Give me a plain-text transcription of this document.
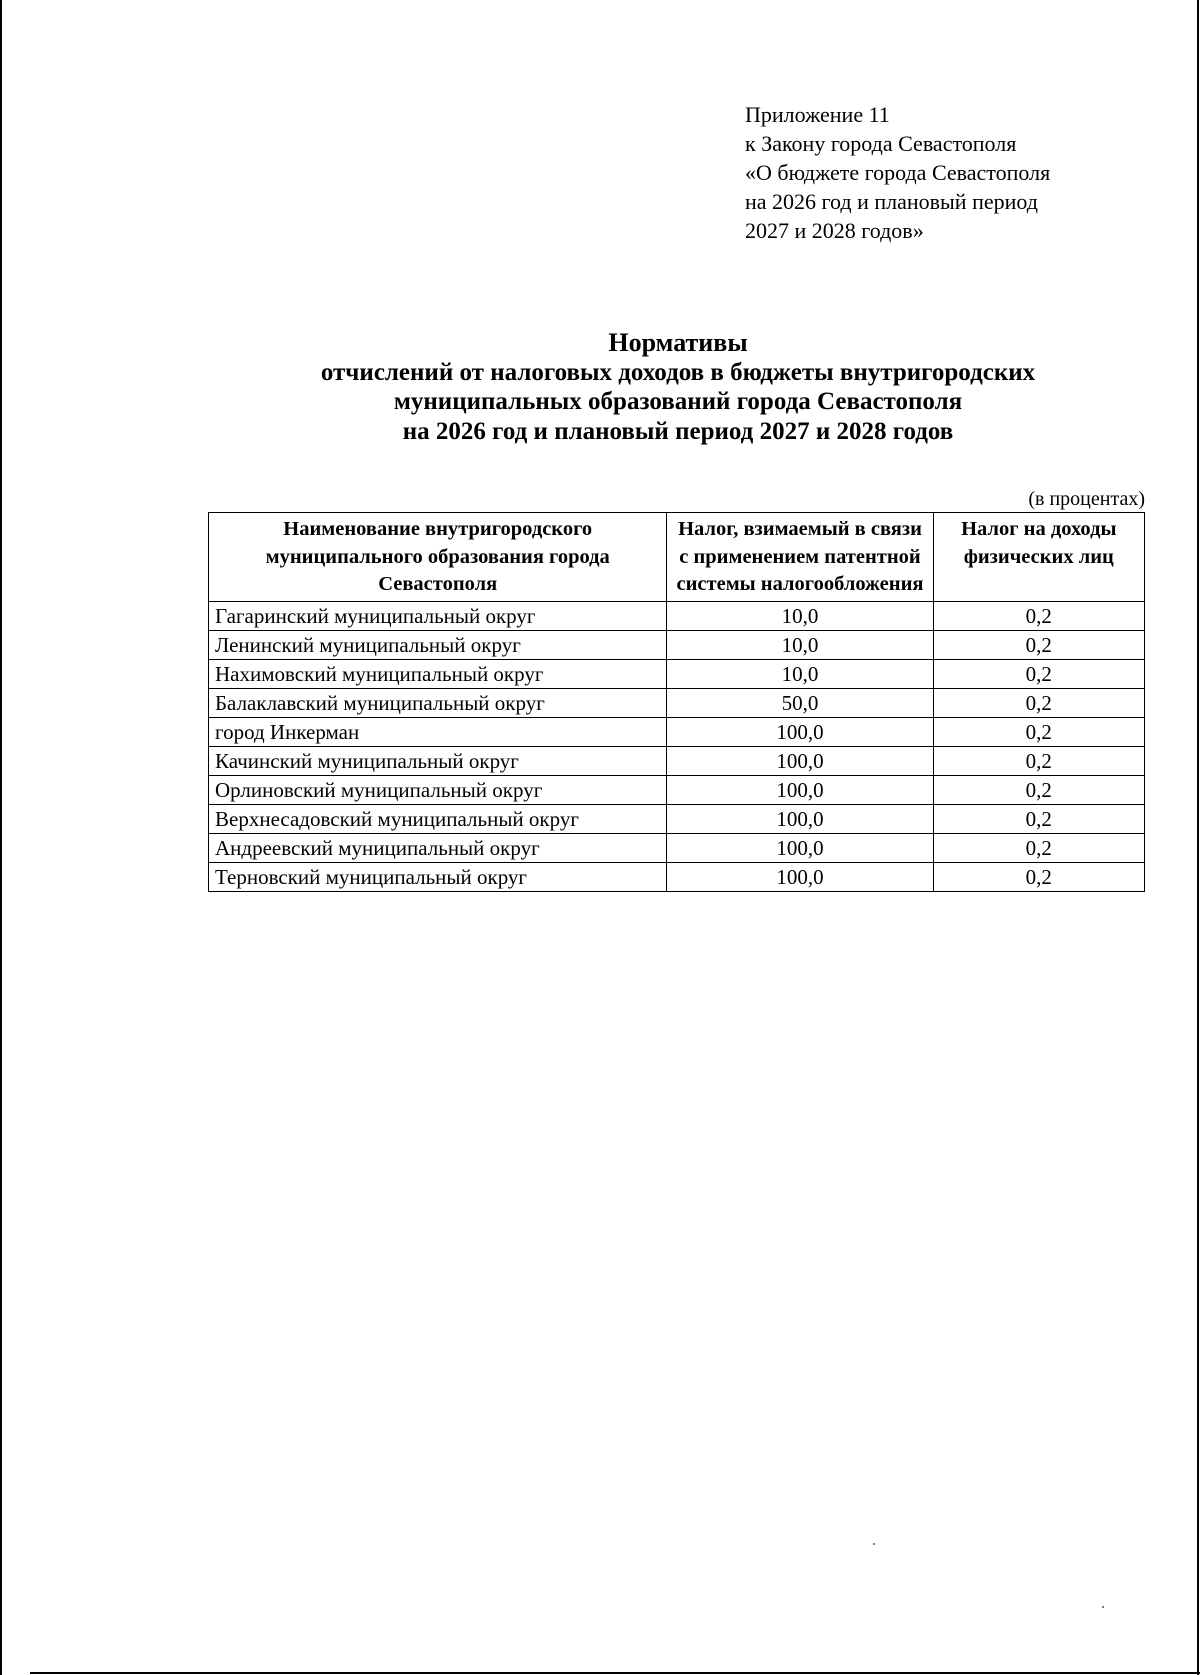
Приложение 11
к Закону города Севастополя
«О бюджете города Севастополя
на 2026 год и плановый период
2027 и 2028 годов»
Нормативы
отчислений от налоговых доходов в бюджеты внутригородских
муниципальных образований города Севастополя
на 2026 год и плановый период 2027 и 2028 годов
(в процентах)
Наименование внутригородского муниципального образования города Севастополя	Налог, взимаемый в связи с применением патентной системы налогообложения	Налог на доходы физических лиц
Гагаринский муниципальный округ	10,0	0,2
Ленинский муниципальный округ	10,0	0,2
Нахимовский муниципальный округ	10,0	0,2
Балаклавский муниципальный округ	50,0	0,2
город Инкерман	100,0	0,2
Качинский муниципальный округ	100,0	0,2
Орлиновский муниципальный округ	100,0	0,2
Верхнесадовский муниципальный округ	100,0	0,2
Андреевский муниципальный округ	100,0	0,2
Терновский муниципальный округ	100,0	0,2
